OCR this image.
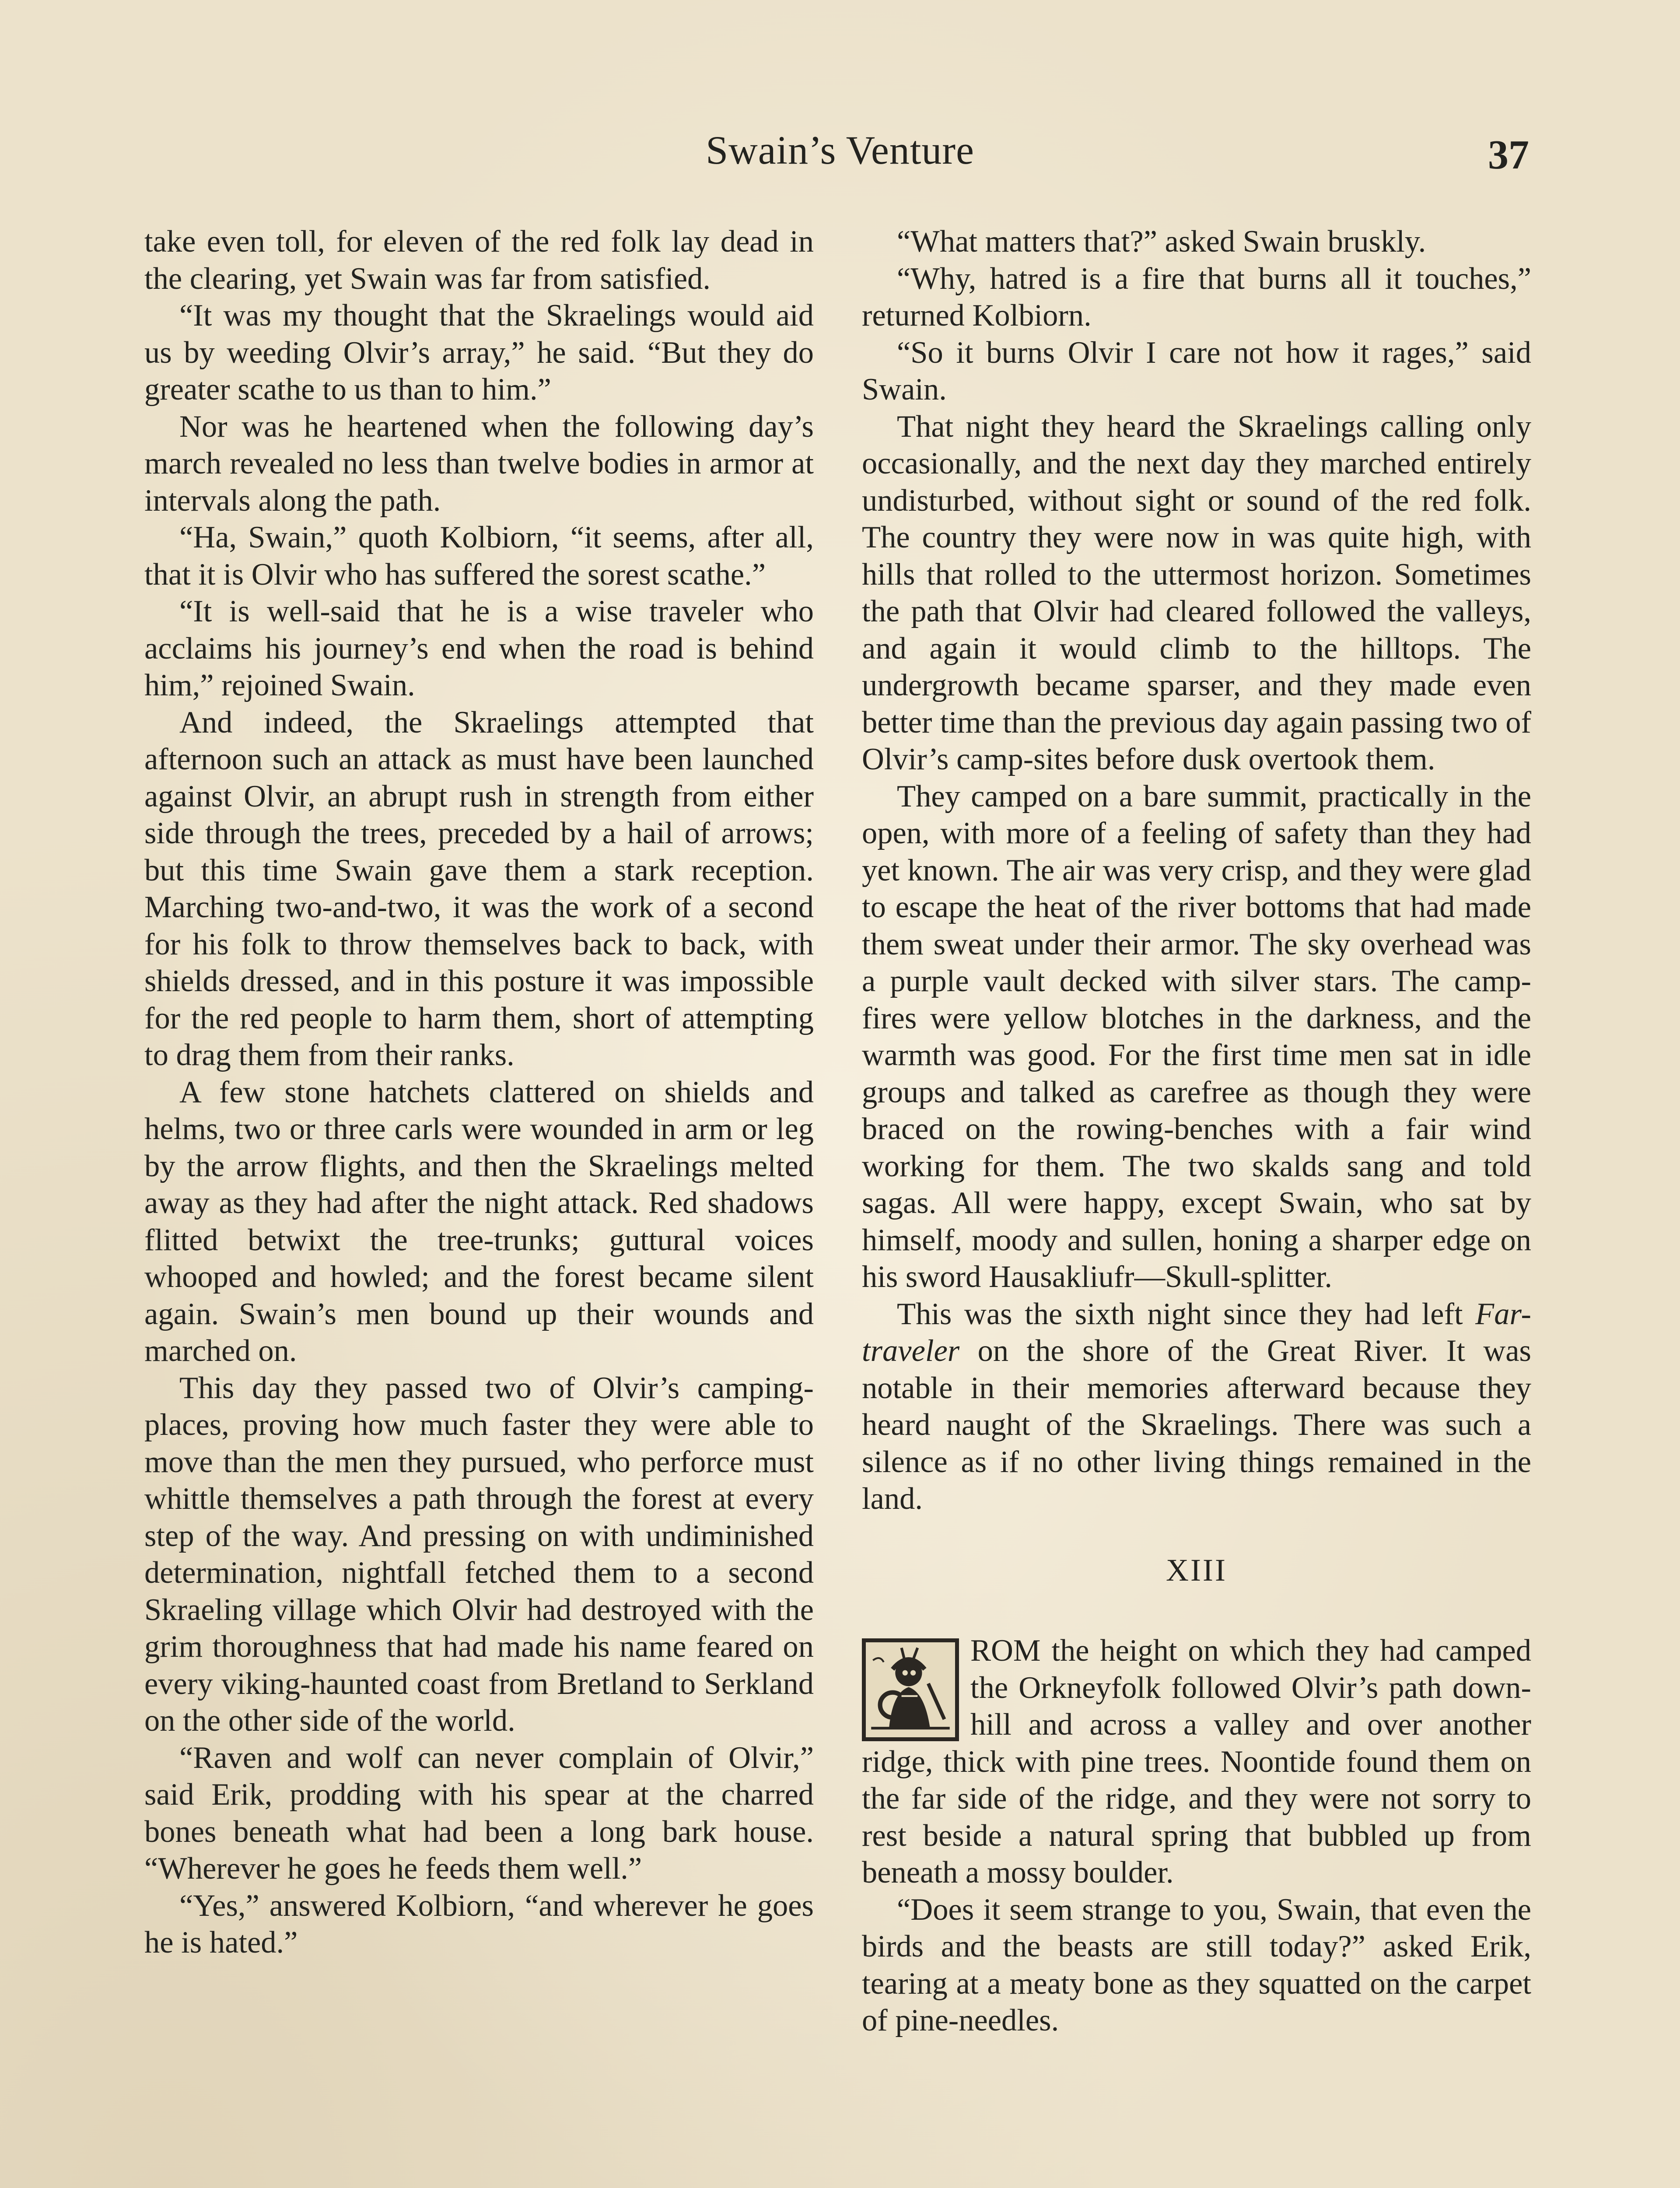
Swain’s Venture	37

take even toll, for eleven of the red folk lay dead in the clearing, yet Swain was far from satisfied.

“It was my thought that the Skraelings would aid us by weeding Olvir’s array,” he said. “But they do greater scathe to us than to him.”

Nor was he heartened when the following day’s march revealed no less than twelve bodies in armor at intervals along the path.

“Ha, Swain,” quoth Kolbiorn, “it seems, after all, that it is Olvir who has suffered the sorest scathe.”

“It is well-said that he is a wise traveler who acclaims his journey’s end when the road is behind him,” rejoined Swain.

And indeed, the Skraelings attempted that afternoon such an attack as must have been launched against Olvir, an abrupt rush in strength from either side through the trees, preceded by a hail of arrows; but this time Swain gave them a stark reception. Marching two-and-two, it was the work of a second for his folk to throw themselves back to back, with shields dressed, and in this posture it was impossible for the red people to harm them, short of attempting to drag them from their ranks.

A few stone hatchets clattered on shields and helms, two or three carls were wounded in arm or leg by the arrow flights, and then the Skraelings melted away as they had after the night attack. Red shadows flitted betwixt the tree-trunks; guttural voices whooped and howled; and the forest became silent again. Swain’s men bound up their wounds and marched on.

This day they passed two of Olvir’s camping-places, proving how much faster they were able to move than the men they pursued, who perforce must whittle themselves a path through the forest at every step of the way. And pressing on with undiminished determination, nightfall fetched them to a second Skraeling village which Olvir had destroyed with the grim thoroughness that had made his name feared on every viking-haunted coast from Bretland to Serkland on the other side of the world.

“Raven and wolf can never complain of Olvir,” said Erik, prodding with his spear at the charred bones beneath what had been a long bark house. “Wherever he goes he feeds them well.”

“Yes,” answered Kolbiorn, “and wherever he goes he is hated.”

“What matters that?” asked Swain bruskly.

“Why, hatred is a fire that burns all it touches,” returned Kolbiorn.

“So it burns Olvir I care not how it rages,” said Swain.

That night they heard the Skraelings calling only occasionally, and the next day they marched entirely undisturbed, without sight or sound of the red folk. The country they were now in was quite high, with hills that rolled to the uttermost horizon. Sometimes the path that Olvir had cleared followed the valleys, and again it would climb to the hilltops. The undergrowth became sparser, and they made even better time than the previous day again passing two of Olvir’s camp-sites before dusk overtook them.

They camped on a bare summit, practically in the open, with more of a feeling of safety than they had yet known. The air was very crisp, and they were glad to escape the heat of the river bottoms that had made them sweat under their armor. The sky overhead was a purple vault decked with silver stars. The camp-fires were yellow blotches in the darkness, and the warmth was good. For the first time men sat in idle groups and talked as carefree as though they were braced on the rowing-benches with a fair wind working for them. The two skalds sang and told sagas. All were happy, except Swain, who sat by himself, moody and sullen, honing a sharper edge on his sword Hausakliufr—Skull-splitter.

This was the sixth night since they had left Far-traveler on the shore of the Great River. It was notable in their memories afterward because they heard naught of the Skraelings. There was such a silence as if no other living things remained in the land.

XIII

ROM the height on which they had camped the Orkneyfolk followed Olvir’s path down-hill and across a valley and over another ridge, thick with pine trees. Noontide found them on the far side of the ridge, and they were not sorry to rest beside a natural spring that bubbled up from beneath a mossy boulder.

“Does it seem strange to you, Swain, that even the birds and the beasts are still today?” asked Erik, tearing at a meaty bone as they squatted on the carpet of pine-needles.
